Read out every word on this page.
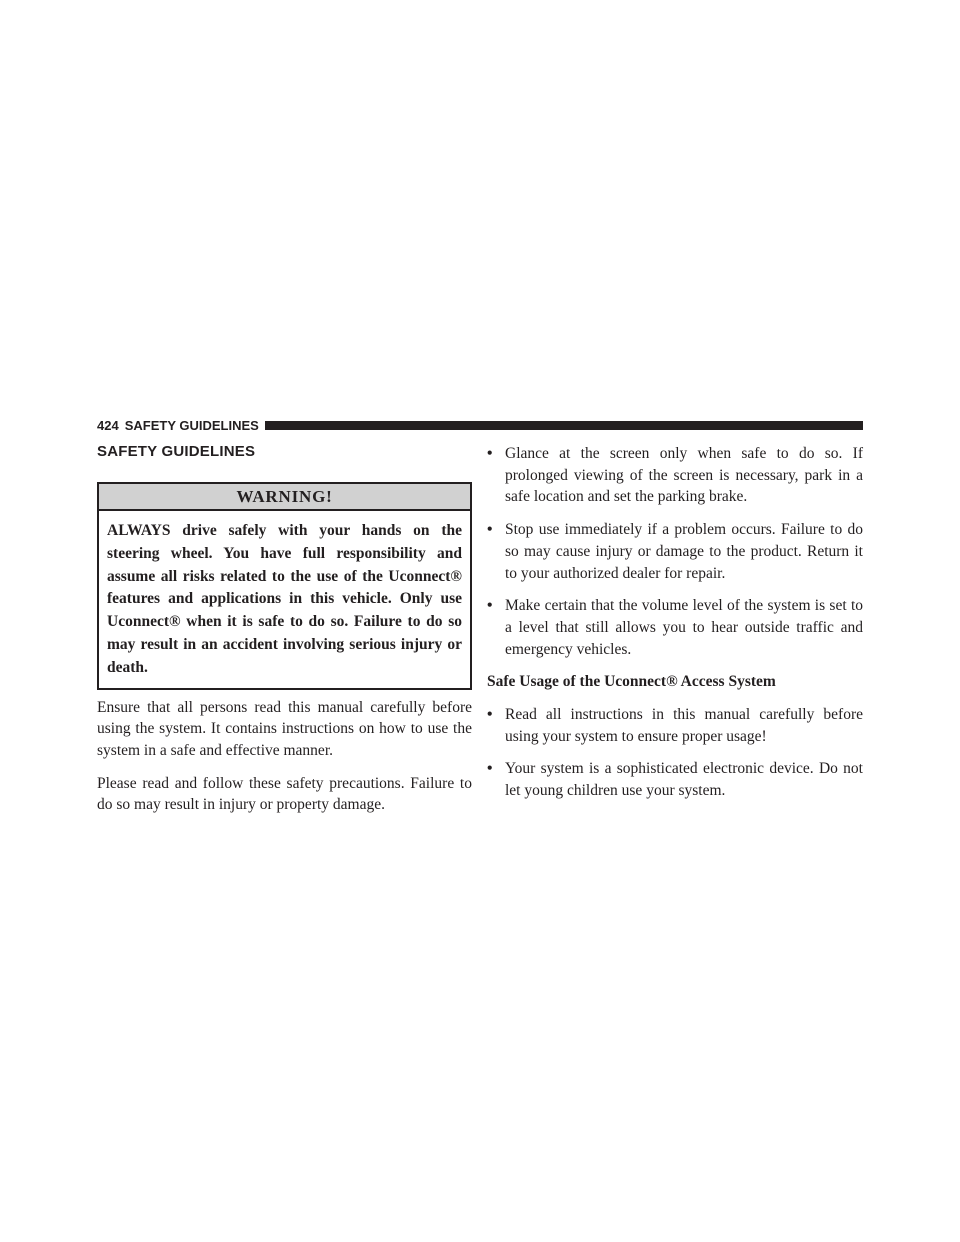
424 SAFETY GUIDELINES
SAFETY GUIDELINES
WARNING!
ALWAYS drive safely with your hands on the steering wheel. You have full responsibility and assume all risks related to the use of the Uconnect® features and applications in this vehicle. Only use Uconnect® when it is safe to do so. Failure to do so may result in an accident involving serious injury or death.

Ensure that all persons read this manual carefully before using the system. It contains instructions on how to use the system in a safe and effective manner.

Please read and follow these safety precautions. Failure to do so may result in injury or property damage.

• Glance at the screen only when safe to do so. If prolonged viewing of the screen is necessary, park in a safe location and set the parking brake.
• Stop use immediately if a problem occurs. Failure to do so may cause injury or damage to the product. Return it to your authorized dealer for repair.
• Make certain that the volume level of the system is set to a level that still allows you to hear outside traffic and emergency vehicles.

Safe Usage of the Uconnect® Access System

• Read all instructions in this manual carefully before using your system to ensure proper usage!
• Your system is a sophisticated electronic device. Do not let young children use your system.
